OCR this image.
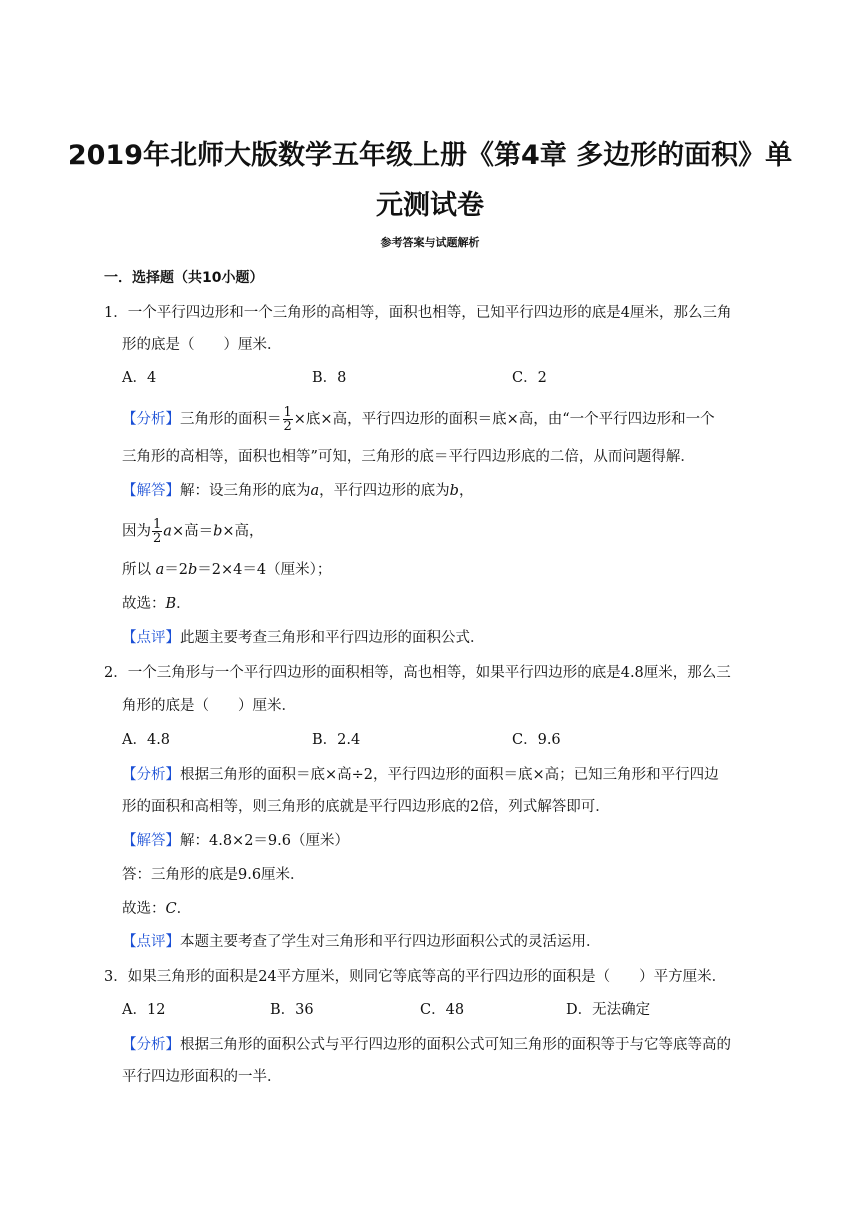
2019年北师大版数学五年级上册《第4章 多边形的面积》单
元测试卷
参考答案与试题解析
一．选择题（共10小题）
1．一个平行四边形和一个三角形的高相等，面积也相等，已知平行四边形的底是4厘米，那么三角
形的底是（　　）厘米．
A．4	B．8	C．2
【分析】三角形的面积＝ $\frac{1}{2}$ ×底×高，平行四边形的面积＝底×高，由“一个平行四边形和一个
三角形的高相等，面积也相等”可知，三角形的底＝平行四边形底的二倍，从而问题得解．
【解答】解：设三角形的底为a，平行四边形的底为b，
因为 $\frac{1}{2} a\times$高＝b×高，
所以 a＝2b＝2×4＝4（厘米）；
故选：B．
【点评】此题主要考查三角形和平行四边形的面积公式．
2．一个三角形与一个平行四边形的面积相等，高也相等，如果平行四边形的底是4.8厘米，那么三
角形的底是（　　）厘米．
A．4.8	B．2.4	C．9.6
【分析】根据三角形的面积＝底×高÷2，平行四边形的面积＝底×高；已知三角形和平行四边
形的面积和高相等，则三角形的底就是平行四边形底的2倍，列式解答即可．
【解答】解：4.8×2＝9.6（厘米）
答：三角形的底是9.6厘米．
故选：C．
【点评】本题主要考查了学生对三角形和平行四边形面积公式的灵活运用．
3．如果三角形的面积是24平方厘米，则同它等底等高的平行四边形的面积是（　　）平方厘米．
A．12	B．36	C．48	D．无法确定
【分析】根据三角形的面积公式与平行四边形的面积公式可知三角形的面积等于与它等底等高的
平行四边形面积的一半．
